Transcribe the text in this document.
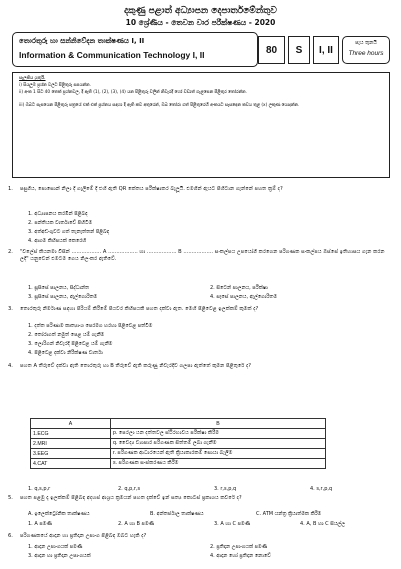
දකුණු පළාත් අධ්‍යාපන දෙපාර්තමේන්තුව
10 ශ්‍රේණිය - තෙවන වාර පරීක්ෂණය - 2020
තොරතුරු හා සන්නිවේදන තාක්ෂණය I, II
Information & Communication Technology I, II	80	S	I, II
පැය තුනයි
Three hours
සැලකිය යුතුයි.
i) සියලුම ප්‍රශ්න වලට පිළිතුරු සපයන්න.
ii) අංක 1 සිට 40 තෙක් ප්‍රශ්නවල, දී ඇති (1), (2), (3), (4) යන පිළිතුරු වලින් නිවැරදි හෝ වඩාත් ගැළපෙන පිළිතුර තෝරන්න.
iii) ඔබට සැපයෙන පිළිතුරු පත්‍රයේ එක් එක් ප්‍රශ්නය සඳහා දී ඇති කව අතුරෙන්, ඔබ තෝරා ගත් පිළිතුරෙහි අංකයට සැසඳෙන කවය තුළ (x) ලකුණ යොදන්න.
1. පසුගිය, පොසොන් නිලා දී ගැලීමේ දී එහි ඇති QR කේතය පරීක්ෂාකර බැලූයි. එමගින් ඇයට පිහිටාන ගැන්නේ පහත ක්‍රම් ද?
1. අධ්‍යාපනය කරමින් පිළිබඳ
2. පන්තියක වාර්තාවේ පිහිටීම
3. අත්අඩංගුවට ගත් තැනැත්තන් පිළිබඳ
4. ආගම කිහිපයක් කෙරෙහි
2. "වලේස් කියනමා විසින් .................. A .................. හා .................. B .................. සංකල්පය උපයෝගී කරගෙන පරිගණක සංකල්පය ඔස්සේ ඉතිහාසය ගැන කරන ලදී" යනුවෙන් එමටම ගෙය නිලංකර ඇතිවේ.
1. සූසිසේ පාලනය, සිද්ධාන්ත	2. සිටෙන් පාලනය, පරීක්ෂා
3. සූසිසේ පාලනය, ඇල්ගොරිතම	4. සෑසේ පාලනය, ඇල්ගොරිතම
3. තොරතුරු නිර්මාණ සඳහා පිරියම් කිරීමේ පියවර කිහිපයකි පහත දක්වා ඇත. මෙහි පිළිවෙළ ඉලක්කම් කුමක් ද?
1. දත්ත පරිණාම කෘත්‍යාංශ පෙරමග හරහා පිළිවෙළ පත්වීම
2. තෝරාගත් නමුත් පෙළ යම් ගැනීම
3. ලොරිගන් නිවැරදි පිළිවෙළ යම් ගැනීම
4. පිළිවෙළ දක්වා නිරීක්ෂණ වාර්තා
4. පහත A තීරුවේ දක්වා ඇති තොරතුරු හා B තීරුවේ ඇති කරුණු නිවැරදිව ගලපා ඇත්තේ කුමන පිළිතුරේ ද?
A	B
1.ECG	p. පෙරලා යන දත්තවල ස්ථිරභාවය පරීක්ෂා කිරීම
2.MRI	q. වෛද්‍ය ව්‍යාපාර පරිගණක සිත්තම් ලබා ගැනීම
3.EEG	r. පරිගණක ආධාරයෙන් ඇති ක්‍රියාකාරකම් සොයා බැලීම
4.CAT	s. පරිගණක සංස්කරණය කිරීම
1. q,s,p,r	2. q,p,r,s	3. r,s,p,q	4. s,r,p,q
5. පහත පළමු දැ ඉලක්කම් පිළිබඳ අදහස් ආශ්‍රය ක්‍රමයන් පහත දැක්වේ ඉන් සත්‍ය කොටස් ප්‍රකාශය කවරේ ද?
A. ඉලෙක්ට්‍රෝනික තාක්ෂණය	B. අන්තර්ජාල තාක්ෂණය	C. ATM යන්ත්‍ර ක්‍රියාත්මක කිරීම
1. A පමණි	2. A හා B පමණි	3. A හා C පමණි	4. A, B හා C සියල්ල
6. පරිගණකයේ ආදාන හා ප්‍රතිදාන උපාංග පිළිබඳ ඔබට හැකි ද?
1. ආදාන උපාංගයක් පමණි	2. ප්‍රතිදාන උපාංගයක් පමණි
3. ආදාන හා ප්‍රතිදාන උපාංගයක්	4. ආදාන හෝ ප්‍රතිදාන නොවේ
